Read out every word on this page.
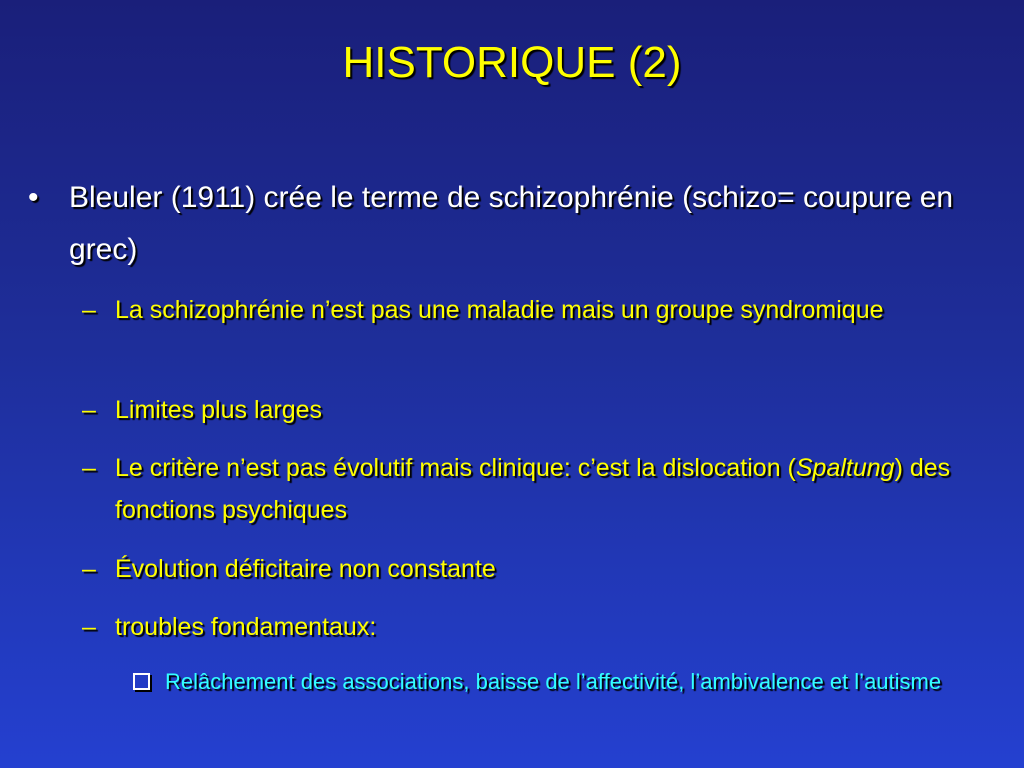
HISTORIQUE (2)
• Bleuler (1911) crée le terme de schizophrénie (schizo= coupure en grec)
– La schizophrénie n’est pas une maladie mais un groupe syndromique
– Limites plus larges
– Le critère n’est pas évolutif mais clinique: c’est la dislocation (Spaltung) des fonctions psychiques
– Évolution déficitaire non constante
– troubles fondamentaux:
Relâchement des associations, baisse de l’affectivité, l’ambivalence et l’autisme
